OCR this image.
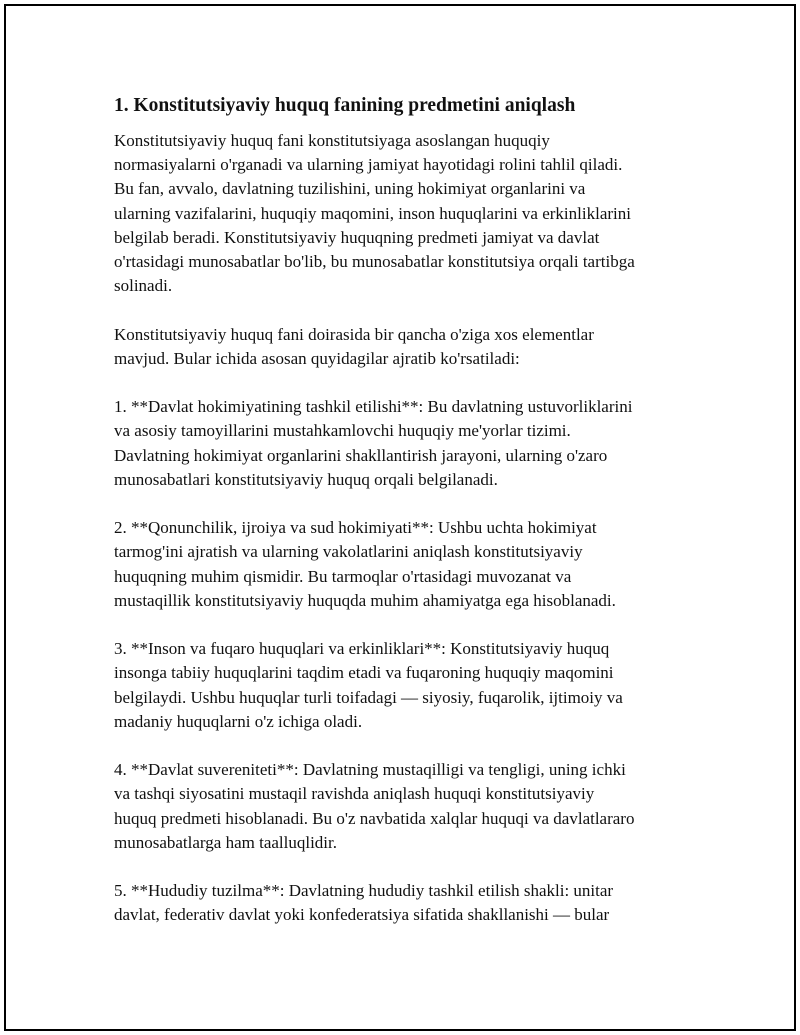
1. Konstitutsiyaviy huquq fanining predmetini aniqlash

Konstitutsiyaviy huquq fani konstitutsiyaga asoslangan huquqiy
normasiyalarni o'rganadi va ularning jamiyat hayotidagi rolini tahlil qiladi.
Bu fan, avvalo, davlatning tuzilishini, uning hokimiyat organlarini va
ularning vazifalarini, huquqiy maqomini, inson huquqlarini va erkinliklarini
belgilab beradi. Konstitutsiyaviy huquqning predmeti jamiyat va davlat
o'rtasidagi munosabatlar bo'lib, bu munosabatlar konstitutsiya orqali tartibga
solinadi.

Konstitutsiyaviy huquq fani doirasida bir qancha o'ziga xos elementlar
mavjud. Bular ichida asosan quyidagilar ajratib ko'rsatiladi:

1. **Davlat hokimiyatining tashkil etilishi**: Bu davlatning ustuvorliklarini
va asosiy tamoyillarini mustahkamlovchi huquqiy me'yorlar tizimi.
Davlatning hokimiyat organlarini shakllantirish jarayoni, ularning o'zaro
munosabatlari konstitutsiyaviy huquq orqali belgilanadi.

2. **Qonunchilik, ijroiya va sud hokimiyati**: Ushbu uchta hokimiyat
tarmog'ini ajratish va ularning vakolatlarini aniqlash konstitutsiyaviy
huquqning muhim qismidir. Bu tarmoqlar o'rtasidagi muvozanat va
mustaqillik konstitutsiyaviy huquqda muhim ahamiyatga ega hisoblanadi.

3. **Inson va fuqaro huquqlari va erkinliklari**: Konstitutsiyaviy huquq
insonga tabiiy huquqlarini taqdim etadi va fuqaroning huquqiy maqomini
belgilaydi. Ushbu huquqlar turli toifadagi — siyosiy, fuqarolik, ijtimoiy va
madaniy huquqlarni o'z ichiga oladi.

4. **Davlat suvereniteti**: Davlatning mustaqilligi va tengligi, uning ichki
va tashqi siyosatini mustaqil ravishda aniqlash huquqi konstitutsiyaviy
huquq predmeti hisoblanadi. Bu o'z navbatida xalqlar huquqi va davlatlararo
munosabatlarga ham taalluqlidir.

5. **Hududiy tuzilma**: Davlatning hududiy tashkil etilish shakli: unitar
davlat, federativ davlat yoki konfederatsiya sifatida shakllanishi — bular
